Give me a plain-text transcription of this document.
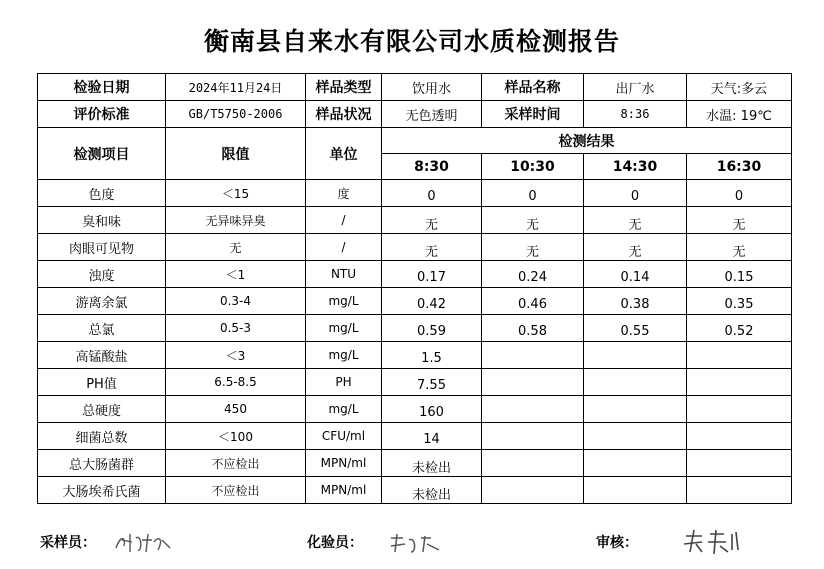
衡南县自来水有限公司水质检测报告
检验日期	2024年11月24日	样品类型	饮用水	样品名称	出厂水	天气:多云
评价标准	GB/T5750-2006	样品状况	无色透明	采样时间	8:36	水温: 19℃
检测项目	限值	单位	检测结果			
			8:30	10:30	14:30	16:30
色度	＜15	度	0	0	0	0
臭和味	无异味异臭	/	无	无	无	无
肉眼可见物	无	/	无	无	无	无
浊度	＜1	NTU	0.17	0.24	0.14	0.15
游离余氯	0.3-4	mg/L	0.42	0.46	0.38	0.35
总氯	0.5-3	mg/L	0.59	0.58	0.55	0.52
高锰酸盐	＜3	mg/L	1.5			
PH值	6.5-8.5	PH	7.55			
总硬度	450	mg/L	160			
细菌总数	＜100	CFU/ml	14			
总大肠菌群	不应检出	MPN/ml	未检出			
大肠埃希氏菌	不应检出	MPN/ml	未检出			
采样员：	化验员：	审核：
